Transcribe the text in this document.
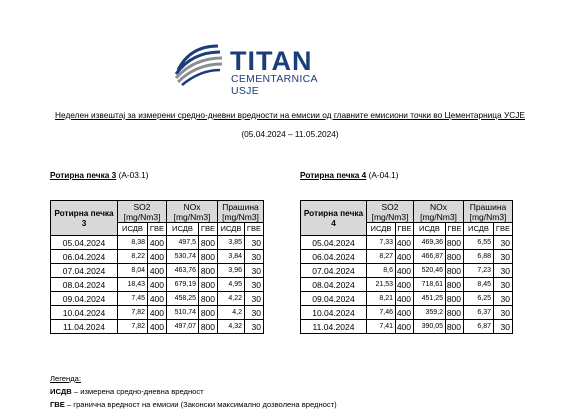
TITAN
CEMENTARNICA USJE
Неделен извештај за измерени средно-дневни вредности на емисии од главните емисиони точки во Цементарница УСЈЕ
(05.04.2024 – 11.05.2024)
Ротирна печка 3 (А-03.1)
Ротирна печка 3	SO2 [mg/Nm3]		NOx [mg/Nm3]		Прашина [mg/Nm3]	
	ИСДВ	ГВЕ	ИСДВ	ГВЕ	ИСДВ	ГВЕ
05.04.2024	8,38	400	497,5	800	3,85	30
06.04.2024	8,22	400	530,74	800	3,84	30
07.04.2024	8,04	400	463,76	800	3,96	30
08.04.2024	18,43	400	679,19	800	4,95	30
09.04.2024	7,45	400	458,25	800	4,22	30
10.04.2024	7,82	400	510,74	800	4,2	30
11.04.2024	7,82	400	497,07	800	4,32	30
Ротирна печка 4 (А-04.1)
Ротирна печка 4	SO2 [mg/Nm3]		NOx [mg/Nm3]		Прашина [mg/Nm3]	
	ИСДВ	ГВЕ	ИСДВ	ГВЕ	ИСДВ	ГВЕ
05.04.2024	7,33	400	469,36	800	6,55	30
06.04.2024	8,27	400	466,87	800	6,88	30
07.04.2024	8,6	400	520,46	800	7,23	30
08.04.2024	21,53	400	718,61	800	8,45	30
09.04.2024	8,21	400	451,25	800	6,25	30
10.04.2024	7,46	400	359,2	800	6,37	30
11.04.2024	7,41	400	390,05	800	6,87	30
Легенда:
ИСДВ – измерена средно-дневна вредност
ГВЕ – гранична вредност на емисии (Законски максимално дозволена вредност)
